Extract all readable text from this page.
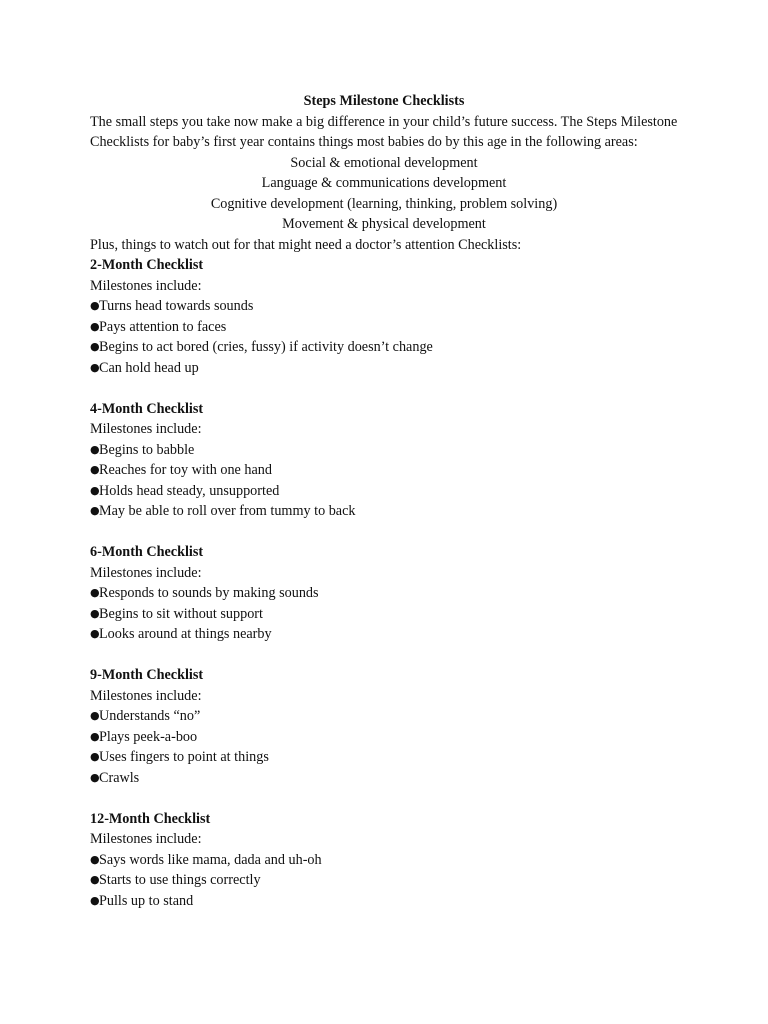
Steps Milestone Checklists

The small steps you take now make a big difference in your child’s future success. The Steps Milestone Checklists for baby’s first year contains things most babies do by this age in the following areas:

Social & emotional development
Language & communications development
Cognitive development (learning, thinking, problem solving)
Movement & physical development

Plus, things to watch out for that might need a doctor’s attention Checklists:

2-Month Checklist

Milestones include:

●Turns head towards sounds
●Pays attention to faces
●Begins to act bored (cries, fussy) if activity doesn’t change
●Can hold head up
4-Month Checklist

Milestones include:

●Begins to babble
●Reaches for toy with one hand
●Holds head steady, unsupported
●May be able to roll over from tummy to back
6-Month Checklist

Milestones include:

●Responds to sounds by making sounds
●Begins to sit without support
●Looks around at things nearby
9-Month Checklist

Milestones include:

●Understands “no”
●Plays peek-a-boo
●Uses fingers to point at things
●Crawls
12-Month Checklist

Milestones include:

●Says words like mama, dada and uh-oh
●Starts to use things correctly
●Pulls up to stand
